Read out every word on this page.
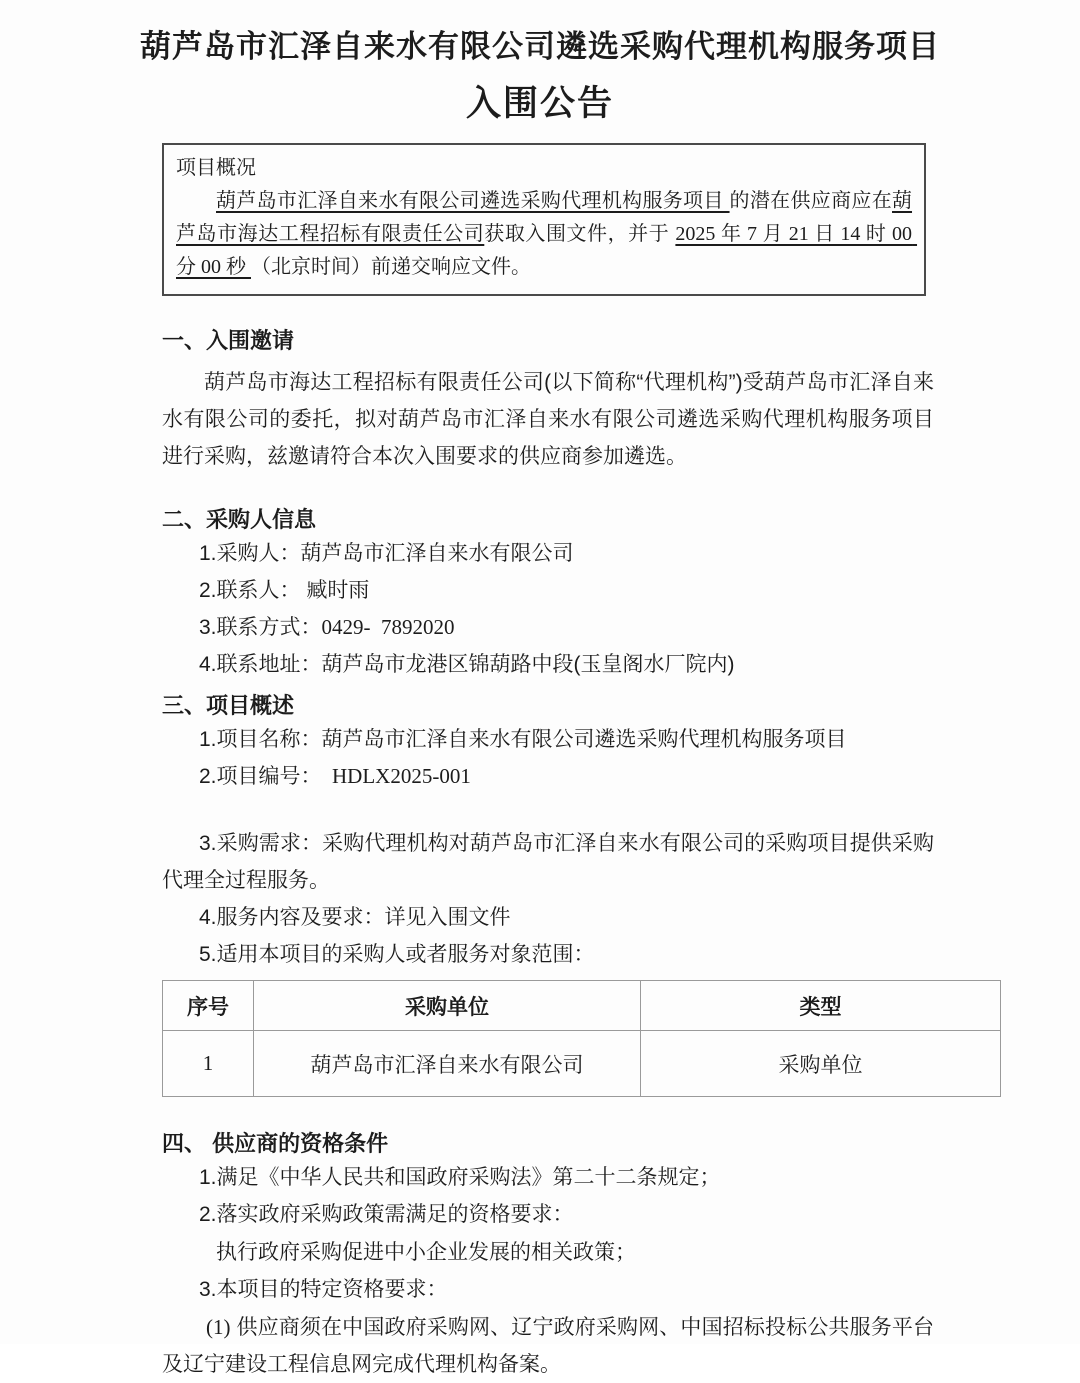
葫芦岛市汇泽自来水有限公司遴选采购代理机构服务项目
入围公告
项目概况

葫芦岛市汇泽自来水有限公司遴选采购代理机构服务项目 的潜在供应商应在葫芦岛市海达工程招标有限责任公司获取入围文件，并于 2025 年 7 月 21 日 14 时 00 分 00 秒 （北京时间）前递交响应文件。

一、入围邀请

葫芦岛市海达工程招标有限责任公司(以下简称“代理机构”)受葫芦岛市汇泽自来水有限公司的委托，拟对葫芦岛市汇泽自来水有限公司遴选采购代理机构服务项目进行采购，兹邀请符合本次入围要求的供应商参加遴选。

二、采购人信息
1.采购人：葫芦岛市汇泽自来水有限公司
2.联系人： 臧时雨
3.联系方式：0429-  7892020
4.联系地址：葫芦岛市龙港区锦葫路中段(玉皇阁水厂院内)
三、项目概述
1.项目名称：葫芦岛市汇泽自来水有限公司遴选采购代理机构服务项目
2.项目编号：  HDLX2025-001
3.采购需求：采购代理机构对葫芦岛市汇泽自来水有限公司的采购项目提供采购代理全过程服务。
4.服务内容及要求：详见入围文件
5.适用本项目的采购人或者服务对象范围：
序号	采购单位	类型
1	葫芦岛市汇泽自来水有限公司	采购单位
四、 供应商的资格条件
1.满足《中华人民共和国政府采购法》第二十二条规定；
2.落实政府采购政策需满足的资格要求：
执行政府采购促进中小企业发展的相关政策；
3.本项目的特定资格要求：

(1) 供应商须在中国政府采购网、辽宁政府采购网、中国招标投标公共服务平台及辽宁建设工程信息网完成代理机构备案。
